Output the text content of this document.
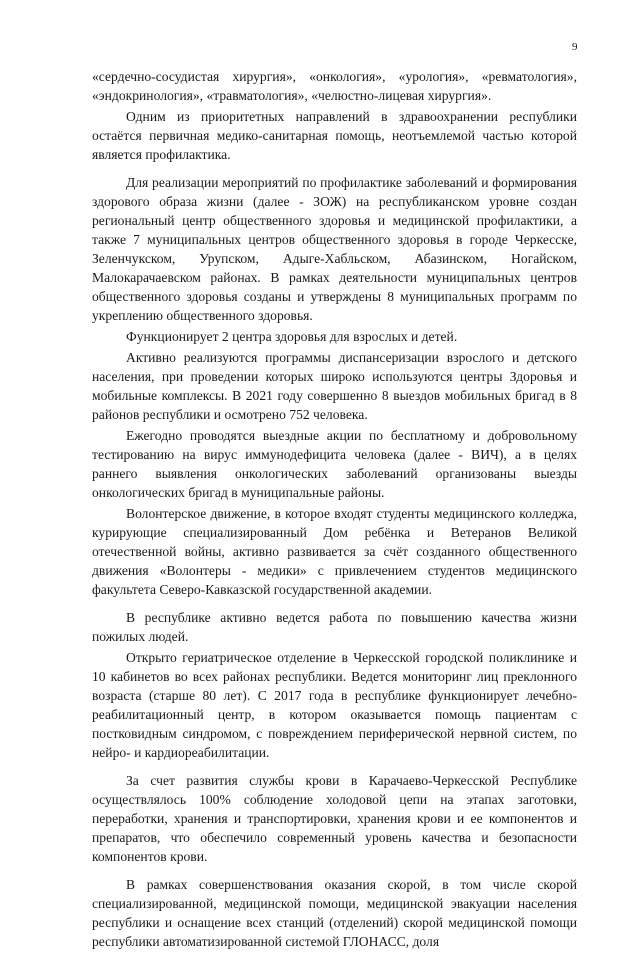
9

«сердечно-сосудистая хирургия», «онкология», «урология», «ревматология», «эндокринология», «травматология», «челюстно-лицевая хирургия».

Одним из приоритетных направлений в здравоохранении республики остаётся первичная медико-санитарная помощь, неотъемлемой частью которой является профилактика.

Для реализации мероприятий по профилактике заболеваний и формирования здорового образа жизни (далее - ЗОЖ) на республиканском уровне создан региональный центр общественного здоровья и медицинской профилактики, а также 7 муниципальных центров общественного здоровья в городе Черкесске, Зеленчукском, Урупском, Адыге-Хабльском, Абазинском, Ногайском, Малокарачаевском районах. В рамках деятельности муниципальных центров общественного здоровья созданы и утверждены 8 муниципальных программ по укреплению общественного здоровья.

Функционирует 2 центра здоровья для взрослых и детей.

Активно реализуются программы диспансеризации взрослого и детского населения, при проведении которых широко используются центры Здоровья и мобильные комплексы. В 2021 году совершенно 8 выездов мобильных бригад в 8 районов республики и осмотрено 752 человека.

Ежегодно проводятся выездные акции по бесплатному и добровольному тестированию на вирус иммунодефицита человека (далее - ВИЧ), а в целях раннего выявления онкологических заболеваний организованы выезды онкологических бригад в муниципальные районы.

Волонтерское движение, в которое входят студенты медицинского колледжа, курирующие специализированный Дом ребёнка и Ветеранов Великой отечественной войны, активно развивается за счёт созданного общественного движения «Волонтеры - медики» с привлечением студентов медицинского факультета Северо-Кавказской государственной академии.

В республике активно ведется работа по повышению качества жизни пожилых людей.

Открыто гериатрическое отделение в Черкесской городской поликлинике и 10 кабинетов во всех районах республики. Ведется мониторинг лиц преклонного возраста (старше 80 лет). С 2017 года в республике функционирует лечебно-реабилитационный центр, в котором оказывается помощь пациентам с постковидным синдромом, с повреждением периферической нервной систем, по нейро- и кардиореабилитации.

За счет развития службы крови в Карачаево-Черкесской Республике осуществлялось 100% соблюдение холодовой цепи на этапах заготовки, переработки, хранения и транспортировки, хранения крови и ее компонентов и препаратов, что обеспечило современный уровень качества и безопасности компонентов крови.

В рамках совершенствования оказания скорой, в том числе скорой специализированной, медицинской помощи, медицинской эвакуации населения республики и оснащение всех станций (отделений) скорой медицинской помощи республики автоматизированной системой ГЛОНАСС, доля
